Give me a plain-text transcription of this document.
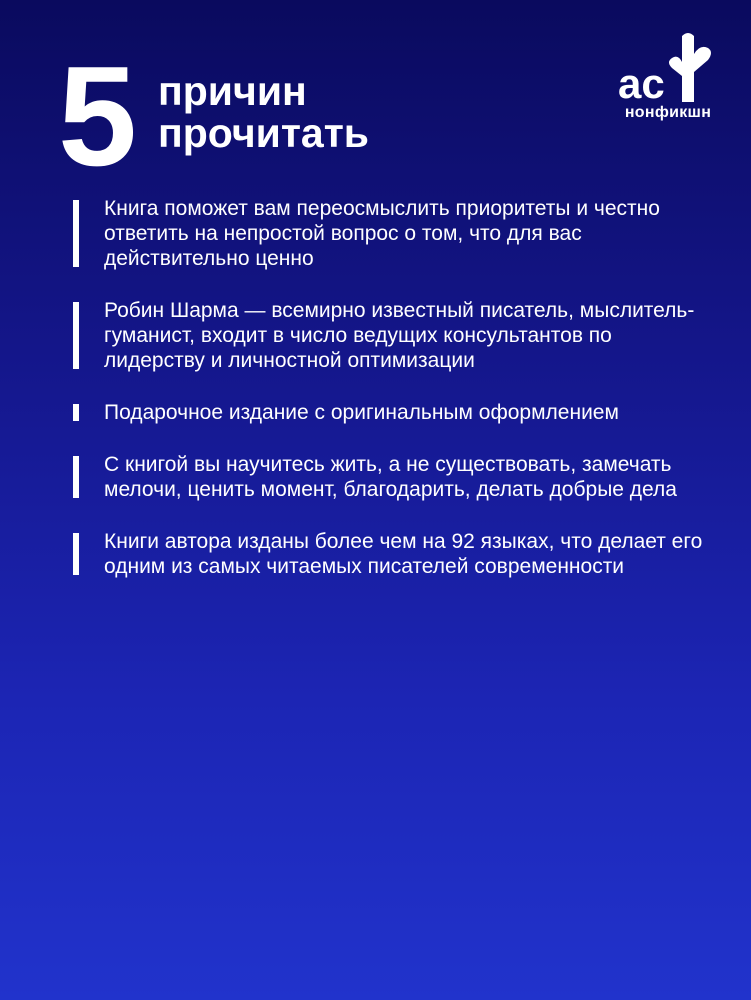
5 причин
прочитать
ас
нонфикшн
Книга поможет вам переосмыслить приоритеты и честно ответить на непростой вопрос о том, что для вас действительно ценно
Робин Шарма — всемирно известный писатель, мыслитель-гуманист, входит в число ведущих консультантов по лидерству и личностной оптимизации
Подарочное издание с оригинальным оформлением
С книгой вы научитесь жить, а не существовать, замечать мелочи, ценить момент, благодарить, делать добрые дела
Книги автора изданы более чем на 92 языках, что делает его одним из самых читаемых писателей современности
